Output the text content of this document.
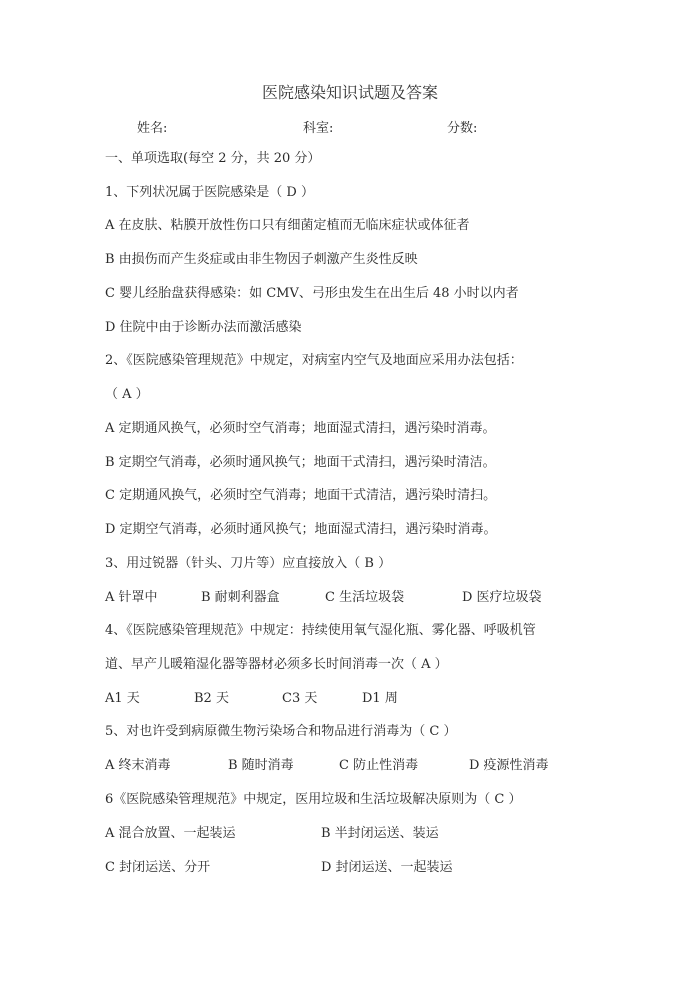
医院感染知识试题及答案
姓名:	科室:	分数:
一、单项选取(每空 2 分，共 20 分）
1、下列状况属于医院感染是（ D ）
A 在皮肤、粘膜开放性伤口只有细菌定植而无临床症状或体征者
B 由损伤而产生炎症或由非生物因子刺激产生炎性反映
C 婴儿经胎盘获得感染：如 CMV、弓形虫发生在出生后 48 小时以内者
D 住院中由于诊断办法而激活感染
2、《医院感染管理规范》中规定，对病室内空气及地面应采用办法包括：
（ A ）
A 定期通风换气，必须时空气消毒；地面湿式清扫，遇污染时消毒。
B 定期空气消毒，必须时通风换气；地面干式清扫，遇污染时清洁。
C 定期通风换气，必须时空气消毒；地面干式清洁，遇污染时清扫。
D 定期空气消毒，必须时通风换气；地面湿式清扫，遇污染时消毒。
3、用过锐器（针头、刀片等）应直接放入（ B ）
A 针罩中	B 耐刺利器盒	C 生活垃圾袋	D 医疗垃圾袋
4、《医院感染管理规范》中规定：持续使用氧气湿化瓶、雾化器、呼吸机管
道、早产儿暖箱湿化器等器材必须多长时间消毒一次（ A ）
A1 天	B2 天	C3 天	D1 周
5、对也许受到病原微生物污染场合和物品进行消毒为（ C ）
A 终末消毒	B 随时消毒	C 防止性消毒	D 疫源性消毒
6《医院感染管理规范》中规定，医用垃圾和生活垃圾解决原则为（ C ）
A 混合放置、一起装运	B 半封闭运送、装运
C 封闭运送、分开	D 封闭运送、一起装运
